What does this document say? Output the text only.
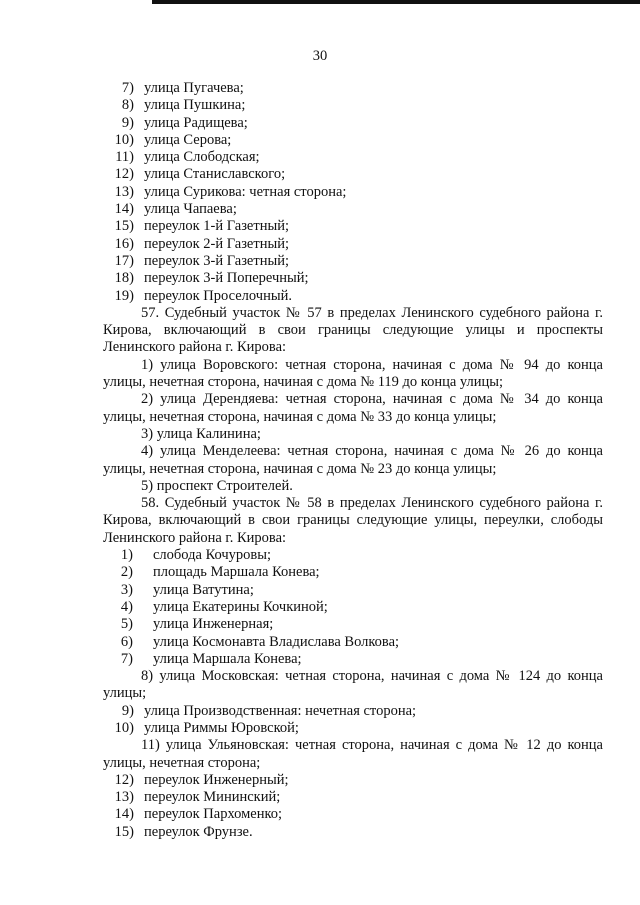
30
7) улица Пугачева;
8) улица Пушкина;
9) улица Радищева;
10) улица Серова;
11) улица Слободская;
12) улица Станиславского;
13) улица Сурикова: четная сторона;
14) улица Чапаева;
15) переулок 1-й Газетный;
16) переулок 2-й Газетный;
17) переулок 3-й Газетный;
18) переулок 3-й Поперечный;
19) переулок Проселочный.
57. Судебный участок № 57 в пределах Ленинского судебного района г. Кирова, включающий в свои границы следующие улицы и проспекты Ленинского района г. Кирова:
1) улица Воровского: четная сторона, начиная с дома № 94 до конца улицы, нечетная сторона, начиная с дома № 119 до конца улицы;
2) улица Дерендяева: четная сторона, начиная с дома № 34 до конца улицы, нечетная сторона, начиная с дома № 33 до конца улицы;
3) улица Калинина;
4) улица Менделеева: четная сторона, начиная с дома № 26 до конца улицы, нечетная сторона, начиная с дома № 23 до конца улицы;
5) проспект Строителей.
58. Судебный участок № 58 в пределах Ленинского судебного района г. Кирова, включающий в свои границы следующие улицы, переулки, слободы Ленинского района г. Кирова:
1) слобода Кочуровы;
2) площадь Маршала Конева;
3) улица Ватутина;
4) улица Екатерины Кочкиной;
5) улица Инженерная;
6) улица Космонавта Владислава Волкова;
7) улица Маршала Конева;
8) улица Московская: четная сторона, начиная с дома № 124 до конца улицы;
9) улица Производственная: нечетная сторона;
10) улица Риммы Юровской;
11) улица Ульяновская: четная сторона, начиная с дома № 12 до конца улицы, нечетная сторона;
12) переулок Инженерный;
13) переулок Мининский;
14) переулок Пархоменко;
15) переулок Фрунзе.
